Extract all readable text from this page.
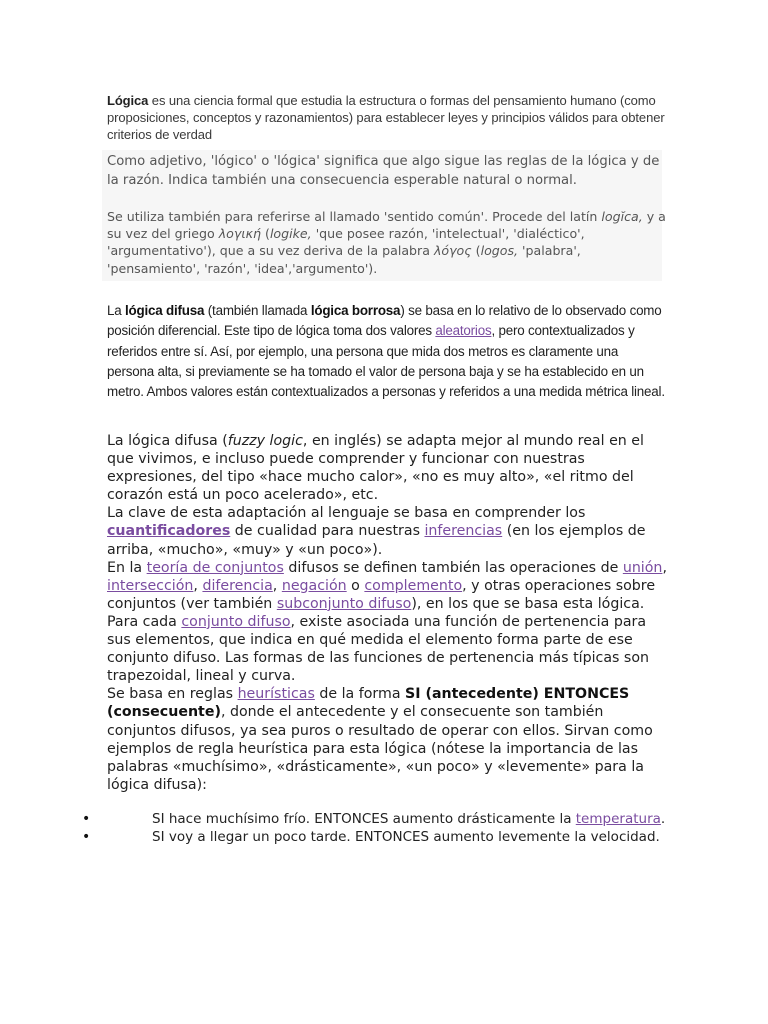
Lógica es una ciencia formal que estudia la estructura o formas del pensamiento humano (como proposiciones, conceptos y razonamientos) para establecer leyes y principios válidos para obtener criterios de verdad
Como adjetivo, 'lógico' o 'lógica' significa que algo sigue las reglas de la lógica y de la razón. Indica también una consecuencia esperable natural o normal.
Se utiliza también para referirse al llamado 'sentido común'. Procede del latín logĭca, y a su vez del griego λογική (logike, 'que posee razón, 'intelectual', 'dialéctico', 'argumentativo'), que a su vez deriva de la palabra λόγος (logos, 'palabra', 'pensamiento', 'razón', 'idea','argumento').
La lógica difusa (también llamada lógica borrosa) se basa en lo relativo de lo observado como posición diferencial. Este tipo de lógica toma dos valores aleatorios, pero contextualizados y referidos entre sí. Así, por ejemplo, una persona que mida dos metros es claramente una persona alta, si previamente se ha tomado el valor de persona baja y se ha establecido en un metro. Ambos valores están contextualizados a personas y referidos a una medida métrica lineal.

La lógica difusa (fuzzy logic, en inglés) se adapta mejor al mundo real en el que vivimos, e incluso puede comprender y funcionar con nuestras expresiones, del tipo «hace mucho calor», «no es muy alto», «el ritmo del corazón está un poco acelerado», etc.

La clave de esta adaptación al lenguaje se basa en comprender los cuantificadores de cualidad para nuestras inferencias (en los ejemplos de arriba, «mucho», «muy» y «un poco»).

En la teoría de conjuntos difusos se definen también las operaciones de unión, intersección, diferencia, negación o complemento, y otras operaciones sobre conjuntos (ver también subconjunto difuso), en los que se basa esta lógica.

Para cada conjunto difuso, existe asociada una función de pertenencia para sus elementos, que indica en qué medida el elemento forma parte de ese conjunto difuso. Las formas de las funciones de pertenencia más típicas son trapezoidal, lineal y curva.

Se basa en reglas heurísticas de la forma SI (antecedente) ENTONCES (consecuente), donde el antecedente y el consecuente son también conjuntos difusos, ya sea puros o resultado de operar con ellos. Sirvan como ejemplos de regla heurística para esta lógica (nótese la importancia de las palabras «muchísimo», «drásticamente», «un poco» y «levemente» para la lógica difusa):

•	SI hace muchísimo frío. ENTONCES aumento drásticamente la temperatura.
•	SI voy a llegar un poco tarde. ENTONCES aumento levemente la velocidad.
